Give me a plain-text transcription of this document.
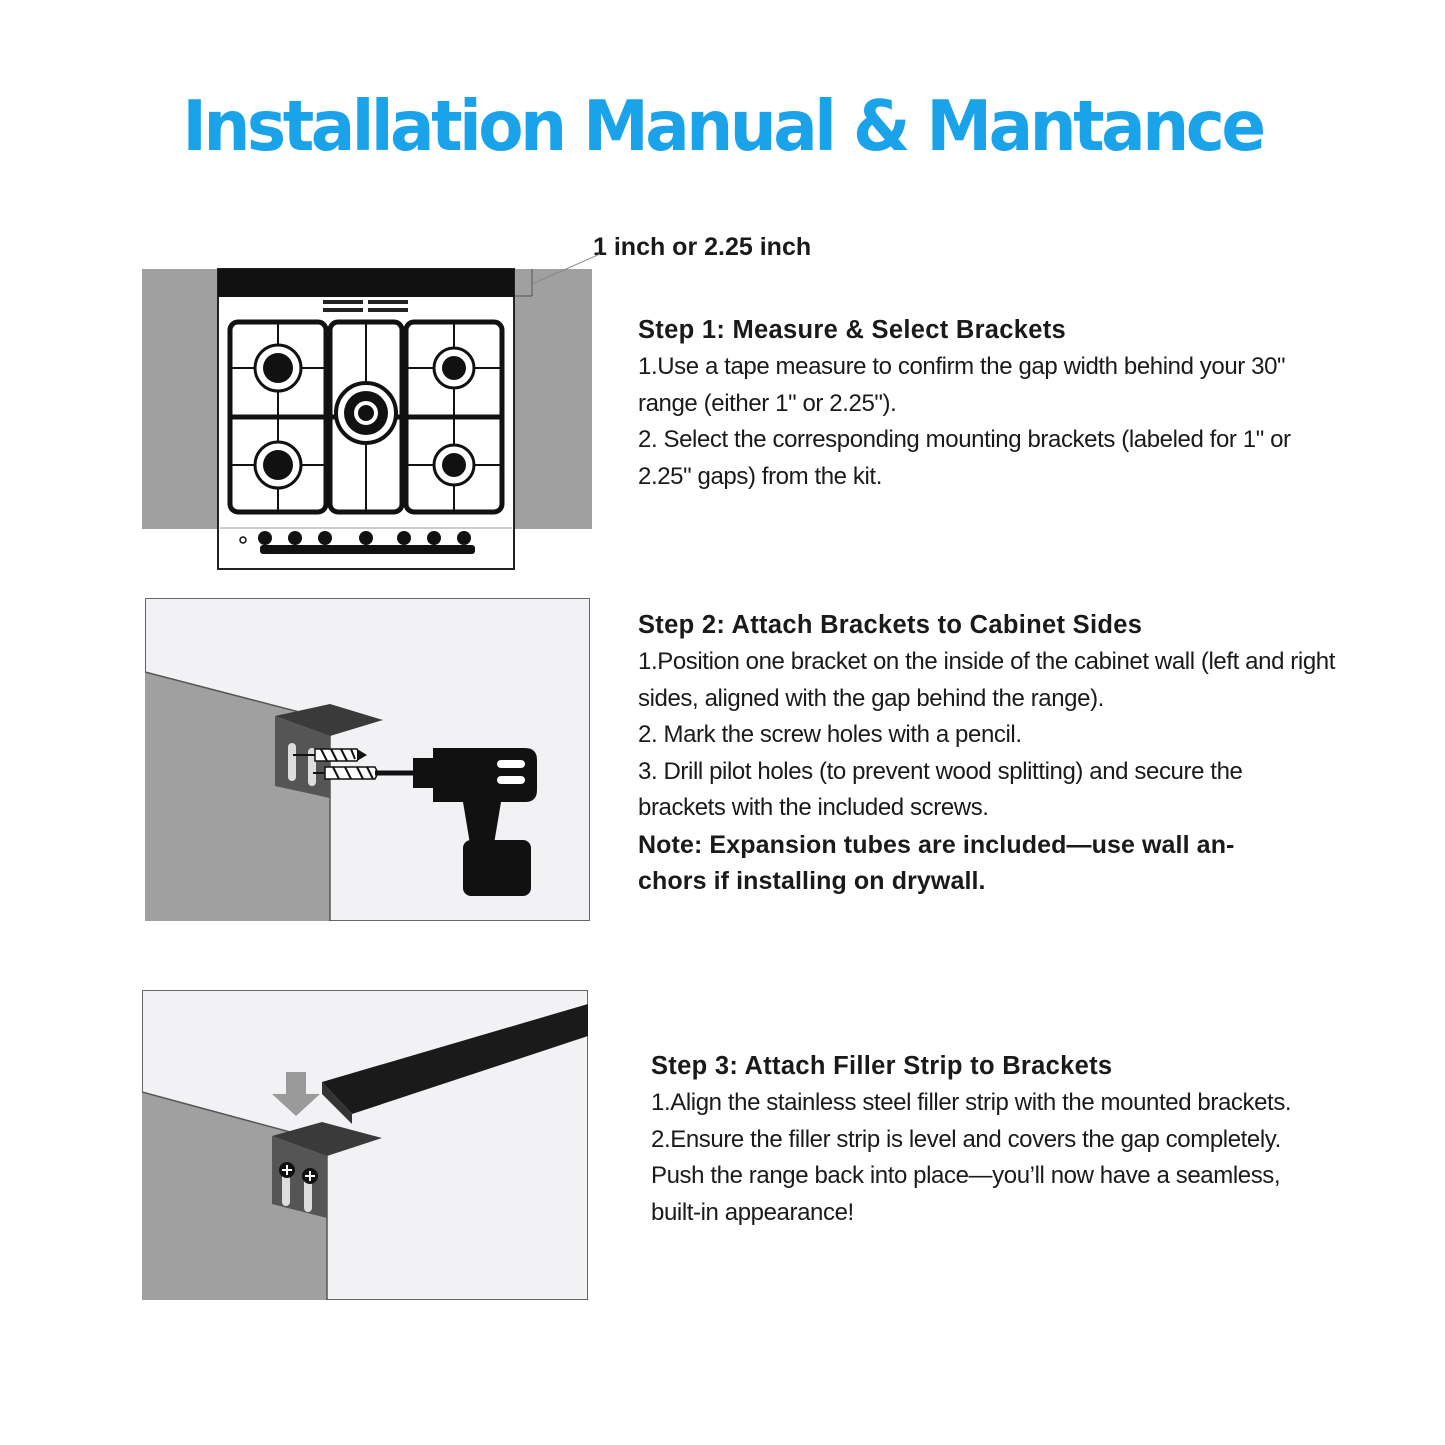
Installation Manual & Mantance
1 inch or 2.25 inch
Step 1: Measure & Select Brackets

1.Use a tape measure to confirm the gap width behind your 30"

range (either 1" or 2.25").

2. Select the corresponding mounting brackets (labeled for 1" or

2.25" gaps) from the kit.

Step 2: Attach Brackets to Cabinet Sides

1.Position one bracket on the inside of the cabinet wall (left and right

sides, aligned with the gap behind the range).

2. Mark the screw holes with a pencil.

3. Drill pilot holes (to prevent wood splitting) and secure the

brackets with the included screws.

Note: Expansion tubes are included—use wall an-

chors if installing on drywall.

Step 3: Attach Filler Strip to Brackets

1.Align the stainless steel filler strip with the mounted brackets.

2.Ensure the filler strip is level and covers the gap completely.

Push the range back into place—you’ll now have a seamless,

built-in appearance!
